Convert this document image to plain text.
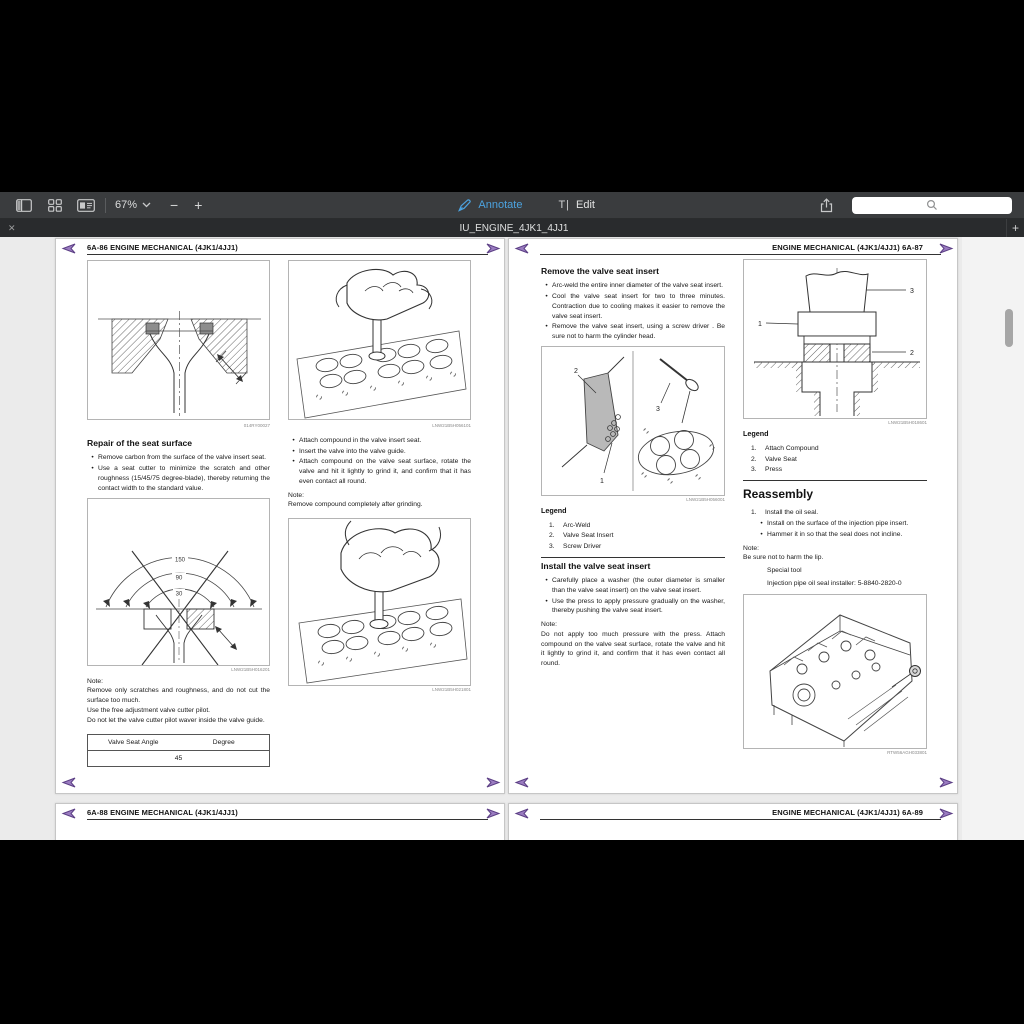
67% − +	Annotate	T| Edit
✕	IU_ENGINE_4JK1_4JJ1	+
6A-86 ENGINE MECHANICAL (4JK1/4JJ1)
014RY00027	LNW21B5H056101
Repair of the seat surface
•
Remove carbon from the surface of the valve insert seat.
•
Use a seat cutter to minimize the scratch and other roughness (15/45/75 degree-blade), thereby returning the contact width to the standard value.
150
90
30
LNW21B5H016201
Note:
Remove only scratches and roughness, and do not cut the surface too much.
Use the free adjustment valve cutter pilot.
Do not let the valve cutter pilot waver inside the valve guide.
Valve Seat Angle	Degree
45
•
Attach compound in the valve insert seat.
•
Insert the valve into the valve guide.
•
Attach compound on the valve seat surface, rotate the valve and hit it lightly to grind it, and confirm that it has even contact all round.
Note:
Remove compound completely after grinding.
LNW21B5H021801
ENGINE MECHANICAL (4JK1/4JJ1) 6A-87
Remove the valve seat insert
•
Arc-weld the entire inner diameter of the valve seat insert.
•
Cool the valve seat insert for two to three minutes. Contraction due to cooling makes it easier to remove the valve seat insert.
•
Remove the valve seat insert, using a screw driver . Be sure not to harm the cylinder head.
2
1
3
LNW21B5H056001
Legend
1.	Arc-Weld
2.	Valve Seat Insert
3.	Screw Driver
Install the valve seat insert
•
Carefully place a washer (the outer diameter is smaller than the valve seat insert) on the valve seat insert.
•
Use the press to apply pressure gradually on the washer, thereby pushing the valve seat insert.
Note:
Do not apply too much pressure with the press. Attach compound on the valve seat surface, rotate the valve and hit it lightly to grind it, and confirm that it has even contact all round.
1
2
3
LNW21B5H018601
Legend
1.	Attach Compound
2.	Valve Seat
3.	Press
Reassembly
1.	Install the oil seal.
•
Install on the surface of the injection pipe insert.
•
Hammer it in so that the seal does not incline.
Note:
Be sure not to harm the lip.
Special tool
Injection pipe oil seal installer: 5-8840-2820-0
RTW56AGH033801
6A-88 ENGINE MECHANICAL (4JK1/4JJ1)	ENGINE MECHANICAL (4JK1/4JJ1) 6A-89
